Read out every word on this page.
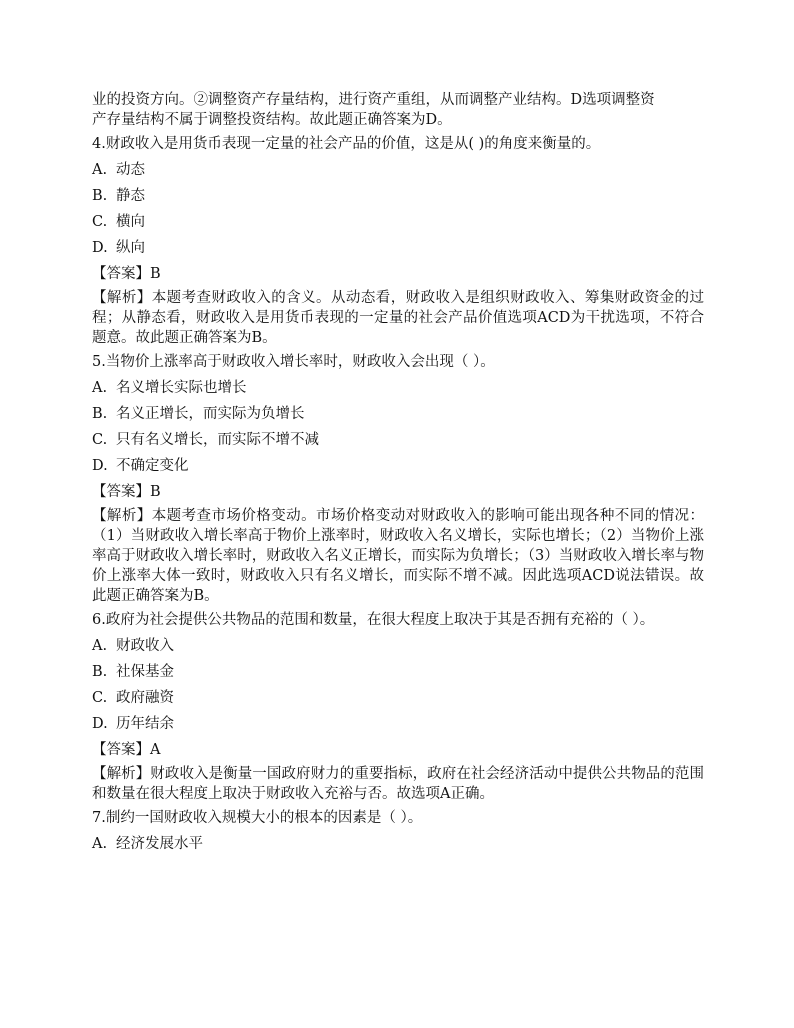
业的投资方向。②调整资产存量结构，进行资产重组，从而调整产业结构。D选项调整资
产存量结构不属于调整投资结构。故此题正确答案为D。
4.财政收入是用货币表现一定量的社会产品的价值，这是从( )的角度来衡量的。
A. 动态
B. 静态
C. 横向
D. 纵向
【答案】B
【解析】本题考查财政收入的含义。从动态看，财政收入是组织财政收入、筹集财政资金的过程；从静态看，财政收入是用货币表现的一定量的社会产品价值选项ACD为干扰选项，不符合题意。故此题正确答案为B。
5.当物价上涨率高于财政收入增长率时，财政收入会出现（ ）。
A. 名义增长实际也增长
B. 名义正增长，而实际为负增长
C. 只有名义增长，而实际不增不减
D. 不确定变化
【答案】B
【解析】本题考查市场价格变动。市场价格变动对财政收入的影响可能出现各种不同的情况：（1）当财政收入增长率高于物价上涨率时，财政收入名义增长，实际也增长；（2）当物价上涨率高于财政收入增长率时，财政收入名义正增长，而实际为负增长；（3）当财政收入增长率与物价上涨率大体一致时，财政收入只有名义增长，而实际不增不减。因此选项ACD说法错误。故此题正确答案为B。
6.政府为社会提供公共物品的范围和数量，在很大程度上取决于其是否拥有充裕的（ ）。
A. 财政收入
B. 社保基金
C. 政府融资
D. 历年结余
【答案】A
【解析】财政收入是衡量一国政府财力的重要指标，政府在社会经济活动中提供公共物品的范围和数量在很大程度上取决于财政收入充裕与否。故选项A正确。
7.制约一国财政收入规模大小的根本的因素是（ ）。
A. 经济发展水平
